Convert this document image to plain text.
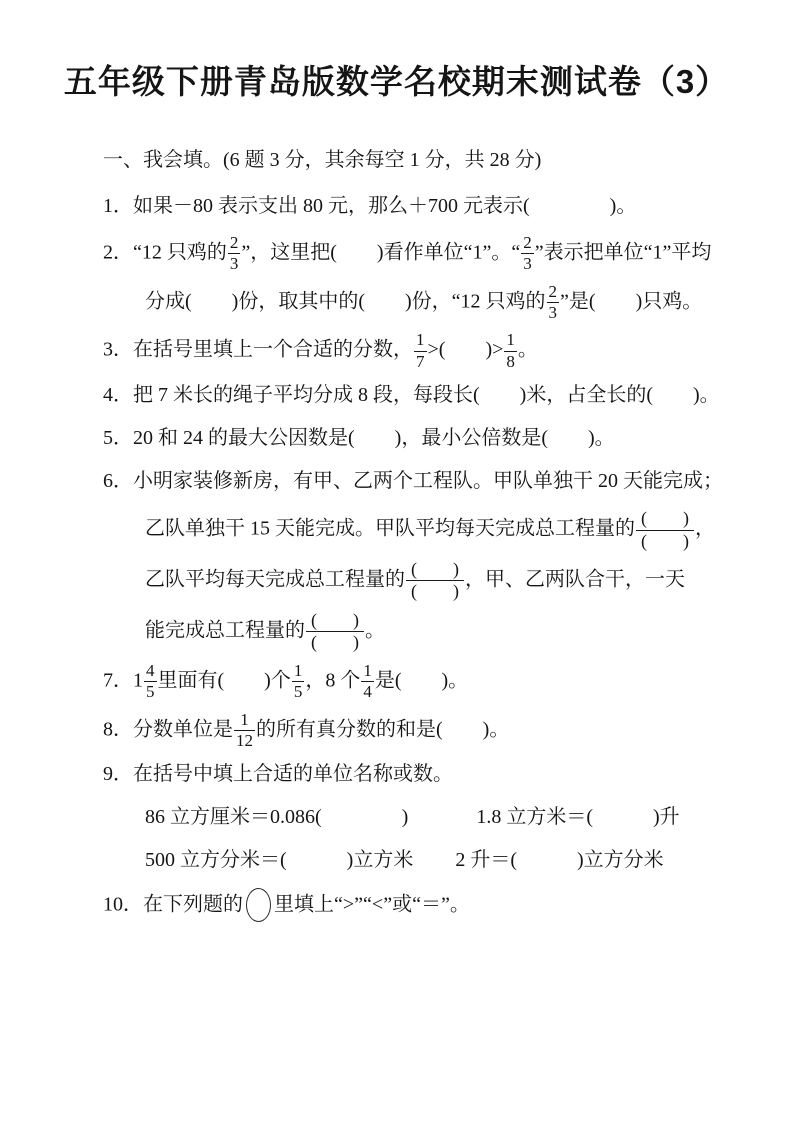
五年级下册青岛版数学名校期末测试卷（3）
一、我会填。(6 题 3 分，其余每空 1 分，共 28 分)
1．如果－80 表示支出 80 元，那么＋700 元表示(　　　　)。
2．“12 只鸡的 $\frac{2}{3}$ ”，这里把(　　)看作单位“1”。“ $\frac{2}{3}$ ”表示把单位“1”平均
分成(　　)份，取其中的(　　)份，“12 只鸡的 $\frac{2}{3}$ ”是(　　)只鸡。
3．在括号里填上一个合适的分数， $\frac{1}{7}$ >(　　)> $\frac{1}{8}$ 。
4．把 7 米长的绳子平均分成 8 段，每段长(　　)米，占全长的(　　)。
5．20 和 24 的最大公因数是(　　)，最小公倍数是(　　)。
6．小明家装修新房，有甲、乙两个工程队。甲队单独干 20 天能完成；
乙队单独干 15 天能完成。甲队平均每天完成总工程量的 $\frac{( )}{( )}$ ，
乙队平均每天完成总工程量的 $\frac{( )}{( )}$ ，甲、乙两队合干，一天
能完成总工程量的 $\frac{( )}{( )}$ 。
7．$1 \frac{4}{5}$ 里面有(　　)个 $\frac{1}{5}$ ，8 个 $\frac{1}{4}$ 是(　　)。
8．分数单位是 $\frac{1}{12}$ 的所有真分数的和是(　　)。
9．在括号中填上合适的单位名称或数。
86 立方厘米＝0.086(　　　　)	1.8 立方米＝(　　　)升
500 立方分米＝(　　　)立方米 2 升＝(　　　)立方分米
10．在下列题的 里填上“>”“<”或“＝”。
